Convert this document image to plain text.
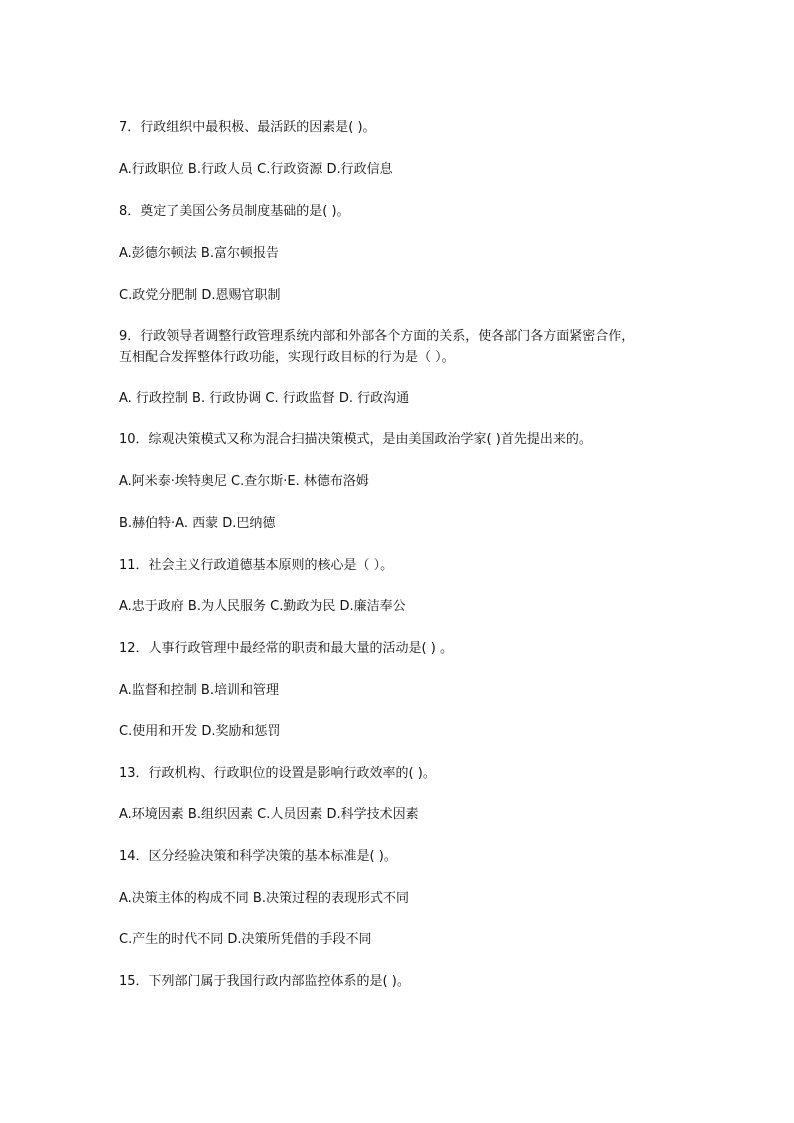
7．行政组织中最积极、最活跃的因素是( )。
A.行政职位 B.行政人员 C.行政资源 D.行政信息
8．奠定了美国公务员制度基础的是( )。
A.彭德尔顿法 B.富尔顿报告
C.政党分肥制 D.恩赐官职制
9．行政领导者调整行政管理系统内部和外部各个方面的关系，使各部门各方面紧密合作，
互相配合发挥整体行政功能，实现行政目标的行为是（ ）。
A. 行政控制 B. 行政协调 C. 行政监督 D. 行政沟通
10．综观决策模式又称为混合扫描决策模式，是由美国政治学家( )首先提出来的。
A.阿米泰·埃特奥尼 C.查尔斯·E. 林德布洛姆
B.赫伯特·A. 西蒙 D.巴纳德
11．社会主义行政道德基本原则的核心是（ ）。
A.忠于政府 B.为人民服务 C.勤政为民 D.廉洁奉公
12．人事行政管理中最经常的职责和最大量的活动是( ) 。
A.监督和控制 B.培训和管理
C.使用和开发 D.奖励和惩罚
13．行政机构、行政职位的设置是影响行政效率的( )。
A.环境因素 B.组织因素 C.人员因素 D.科学技术因素
14．区分经验决策和科学决策的基本标准是( )。
A.决策主体的构成不同 B.决策过程的表现形式不同
C.产生的时代不同 D.决策所凭借的手段不同
15．下列部门属于我国行政内部监控体系的是( )。
